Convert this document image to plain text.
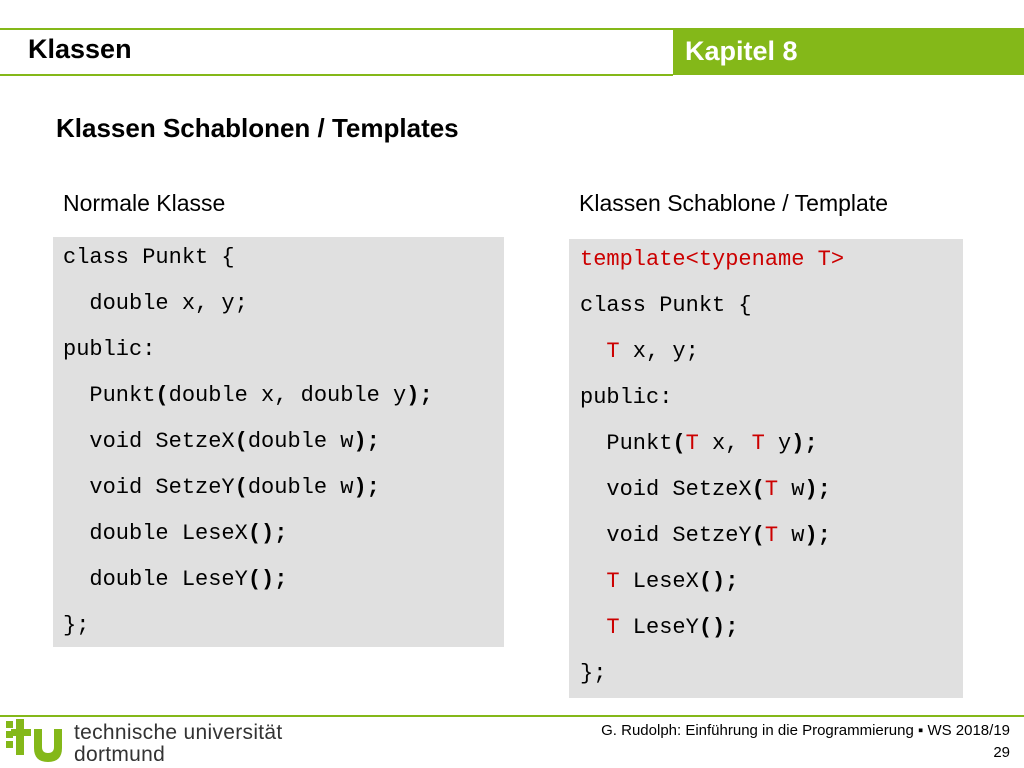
Klassen	Kapitel 8
Klassen Schablonen / Templates
Normale Klasse	Klassen Schablone / Template
class Punkt {
double x, y;
public:
Punkt(double x, double y);
void SetzeX(double w);
void SetzeY(double w);
double LeseX();
double LeseY();
};
template<typename T>
class Punkt {
T x, y;
public:
Punkt(T x, T y);
void SetzeX(T w);
void SetzeY(T w);
T LeseX();
T LeseY();
};
technische universität
dortmund
G. Rudolph: Einführung in die Programmierung ▪ WS 2018/19
29
